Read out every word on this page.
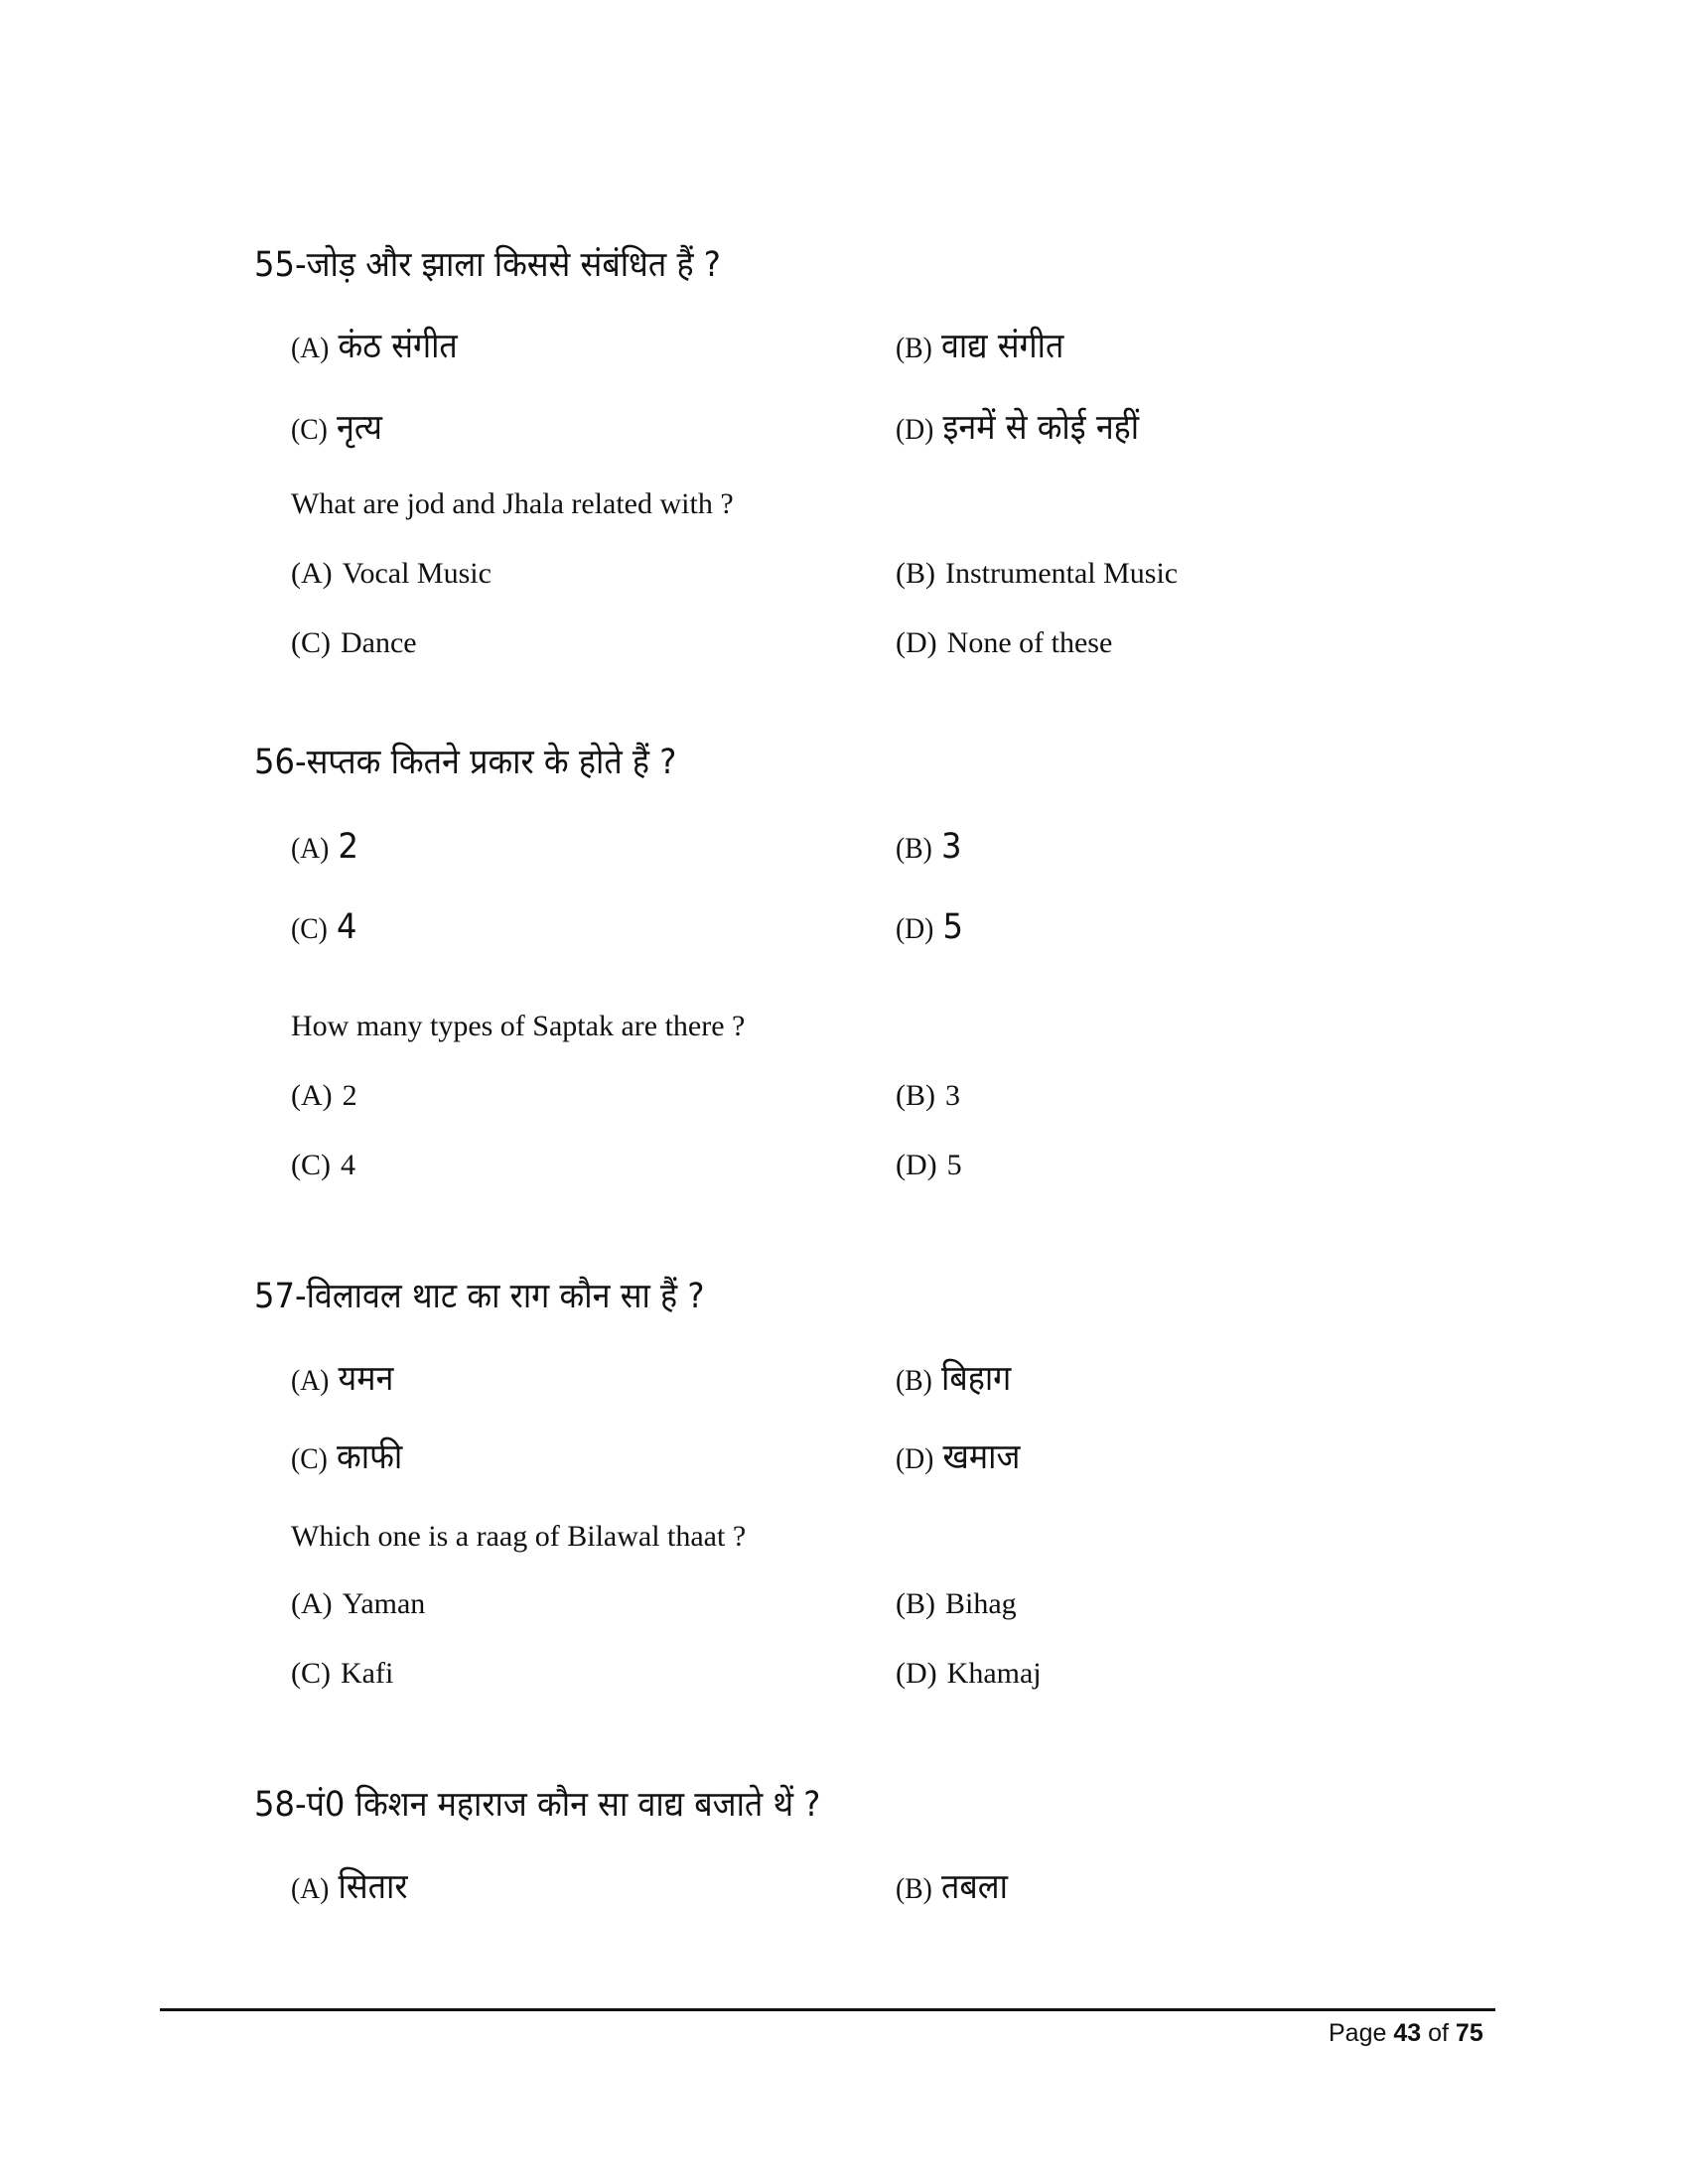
55-जोड़ और झाला किससे संबंधित हैं ?
(A) कंठ संगीत	(B) वाद्य संगीत
(C) नृत्य	(D) इनमें से कोई नहीं
What are jod and Jhala related with ?
(A) Vocal Music	(B) Instrumental Music
(C) Dance	(D) None of these
56-सप्तक कितने प्रकार के होते हैं ?
(A) 2	(B) 3
(C) 4	(D) 5
How many types of Saptak are there ?
(A) 2	(B) 3
(C) 4	(D) 5
57-विलावल थाट का राग कौन सा हैं ?
(A) यमन	(B) बिहाग
(C) काफी	(D) खमाज
Which one is a raag of Bilawal thaat ?
(A) Yaman	(B) Bihag
(C) Kafi	(D) Khamaj
58-पं0 किशन महाराज कौन सा वाद्य बजाते थें ?
(A) सितार	(B) तबला
Page 43 of 75
